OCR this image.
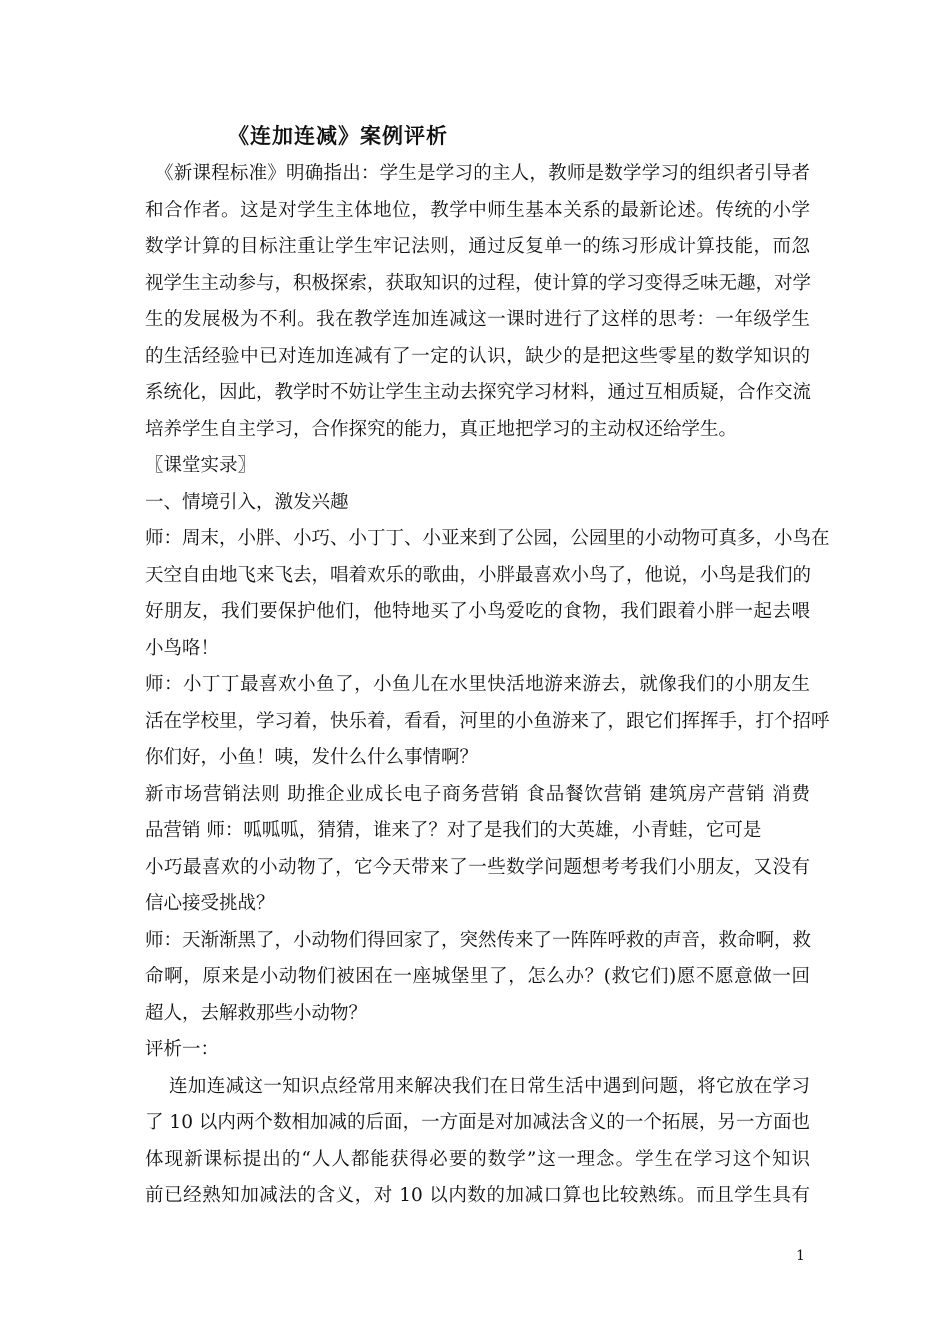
《连加连减》案例评析
《新课程标准》明确指出：学生是学习的主人，教师是数学学习的组织者引导者
和合作者。这是对学生主体地位，教学中师生基本关系的最新论述。传统的小学
数学计算的目标注重让学生牢记法则，通过反复单一的练习形成计算技能，而忽
视学生主动参与，积极探索，获取知识的过程，使计算的学习变得乏味无趣，对学
生的发展极为不利。我在教学连加连减这一课时进行了这样的思考：一年级学生
的生活经验中已对连加连减有了一定的认识，缺少的是把这些零星的数学知识的
系统化，因此，教学时不妨让学生主动去探究学习材料，通过互相质疑，合作交流
培养学生自主学习，合作探究的能力，真正地把学习的主动权还给学生。
〖课堂实录〗
一、情境引入，激发兴趣
师：周末，小胖、小巧、小丁丁、小亚来到了公园，公园里的小动物可真多，小鸟在
天空自由地飞来飞去，唱着欢乐的歌曲，小胖最喜欢小鸟了，他说，小鸟是我们的
好朋友，我们要保护他们，他特地买了小鸟爱吃的食物，我们跟着小胖一起去喂
小鸟咯！
师：小丁丁最喜欢小鱼了，小鱼儿在水里快活地游来游去，就像我们的小朋友生
活在学校里，学习着，快乐着，看看，河里的小鱼游来了，跟它们挥挥手，打个招呼
你们好，小鱼！咦，发什么什么事情啊？
新市场营销法则 助推企业成长电子商务营销 食品餐饮营销 建筑房产营销 消费
品营销 师：呱呱呱，猜猜，谁来了？对了是我们的大英雄，小青蛙，它可是
小巧最喜欢的小动物了，它今天带来了一些数学问题想考考我们小朋友，又没有
信心接受挑战？
师：天渐渐黑了，小动物们得回家了，突然传来了一阵阵呼救的声音，救命啊，救
命啊，原来是小动物们被困在一座城堡里了，怎么办？(救它们)愿不愿意做一回
超人，去解救那些小动物？
评析一：
连加连减这一知识点经常用来解决我们在日常生活中遇到问题，将它放在学习
了 10 以内两个数相加减的后面，一方面是对加减法含义的一个拓展，另一方面也
体现新课标提出的“人人都能获得必要的数学”这一理念。学生在学习这个知识
前已经熟知加减法的含义，对 10 以内数的加减口算也比较熟练。而且学生具有
1
